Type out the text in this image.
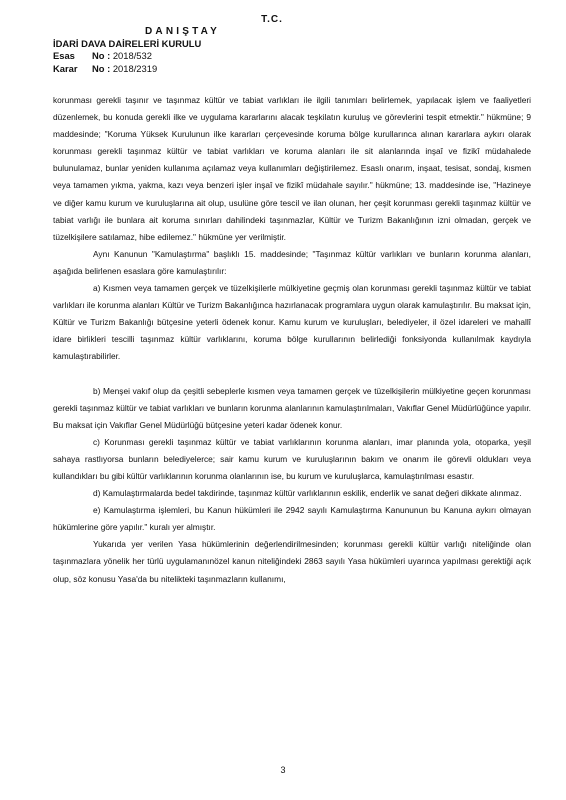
T.C.
DANIŞTAY
İDARİ DAVA DAİRELERİ KURULU
Esas No : 2018/532
Karar No : 2018/2319

korunması gerekli taşınır ve taşınmaz kültür ve tabiat varlıkları ile ilgili tanımları belirlemek, yapılacak işlem ve faaliyetleri düzenlemek, bu konuda gerekli ilke ve uygulama kararlarını alacak teşkilatın kuruluş ve görevlerini tespit etmektir." hükmüne; 9 maddesinde; "Koruma Yüksek Kurulunun ilke kararları çerçevesinde koruma bölge kurullarınca alınan kararlara aykırı olarak korunması gerekli taşınmaz kültür ve tabiat varlıkları ve koruma alanları ile sit alanlarında inşaî ve fizikî müdahalede bulunulamaz, bunlar yeniden kullanıma açılamaz veya kullanımları değiştirilemez. Esaslı onarım, inşaat, tesisat, sondaj, kısmen veya tamamen yıkma, yakma, kazı veya benzeri işler inşaî ve fizikî müdahale sayılır." hükmüne; 13. maddesinde ise, "Hazineye ve diğer kamu kurum ve kuruluşlarına ait olup, usulüne göre tescil ve ilan olunan, her çeşit korunması gerekli taşınmaz kültür ve tabiat varlığı ile bunlara ait koruma sınırları dahilindeki taşınmazlar, Kültür ve Turizm Bakanlığının izni olmadan, gerçek ve tüzelkişilere satılamaz, hibe edilemez." hükmüne yer verilmiştir.

Aynı Kanunun "Kamulaştırma" başlıklı 15. maddesinde; "Taşınmaz kültür varlıkları ve bunların korunma alanları, aşağıda belirlenen esaslara göre kamulaştırılır:

a) Kısmen veya tamamen gerçek ve tüzelkişilerle mülkiyetine geçmiş olan korunması gerekli taşınmaz kültür ve tabiat varlıkları ile korunma alanları Kültür ve Turizm Bakanlığınca hazırlanacak programlara uygun olarak kamulaştırılır. Bu maksat için, Kültür ve Turizm Bakanlığı bütçesine yeterli ödenek konur. Kamu kurum ve kuruluşları, belediyeler, il özel idareleri ve mahallî idare birlikleri tescilli taşınmaz kültür varlıklarını, koruma bölge kurullarının belirlediği fonksiyonda kullanılmak kaydıyla kamulaştırabilirler.

b) Menşei vakıf olup da çeşitli sebeplerle kısmen veya tamamen gerçek ve tüzelkişilerin mülkiyetine geçen korunması gerekli taşınmaz kültür ve tabiat varlıkları ve bunların korunma alanlarının kamulaştırılmaları, Vakıflar Genel Müdürlüğünce yapılır. Bu maksat için Vakıflar Genel Müdürlüğü bütçesine yeteri kadar ödenek konur.

c) Korunması gerekli taşınmaz kültür ve tabiat varlıklarının korunma alanları, imar planında yola, otoparka, yeşil sahaya rastlıyorsa bunların belediyelerce; sair kamu kurum ve kuruluşlarının bakım ve onarım ile görevli oldukları veya kullandıkları bu gibi kültür varlıklarının korunma olanlarının ise, bu kurum ve kuruluşlarca, kamulaştırılması esastır.

d) Kamulaştırmalarda bedel takdirinde, taşınmaz kültür varlıklarının eskilik, enderlik ve sanat değeri dikkate alınmaz.

e) Kamulaştırma işlemleri, bu Kanun hükümleri ile 2942 sayılı Kamulaştırma Kanununun bu Kanuna aykırı olmayan hükümlerine göre yapılır." kuralı yer almıştır.

Yukarıda yer verilen Yasa hükümlerinin değerlendirilmesinden; korunması gerekli kültür varlığı niteliğinde olan taşınmazlara yönelik her türlü uygulamanınözel kanun niteliğindeki 2863 sayılı Yasa hükümleri uyarınca yapılması gerektiği açık olup, söz konusu Yasa'da bu nitelikteki taşınmazların kullanımı,

3
